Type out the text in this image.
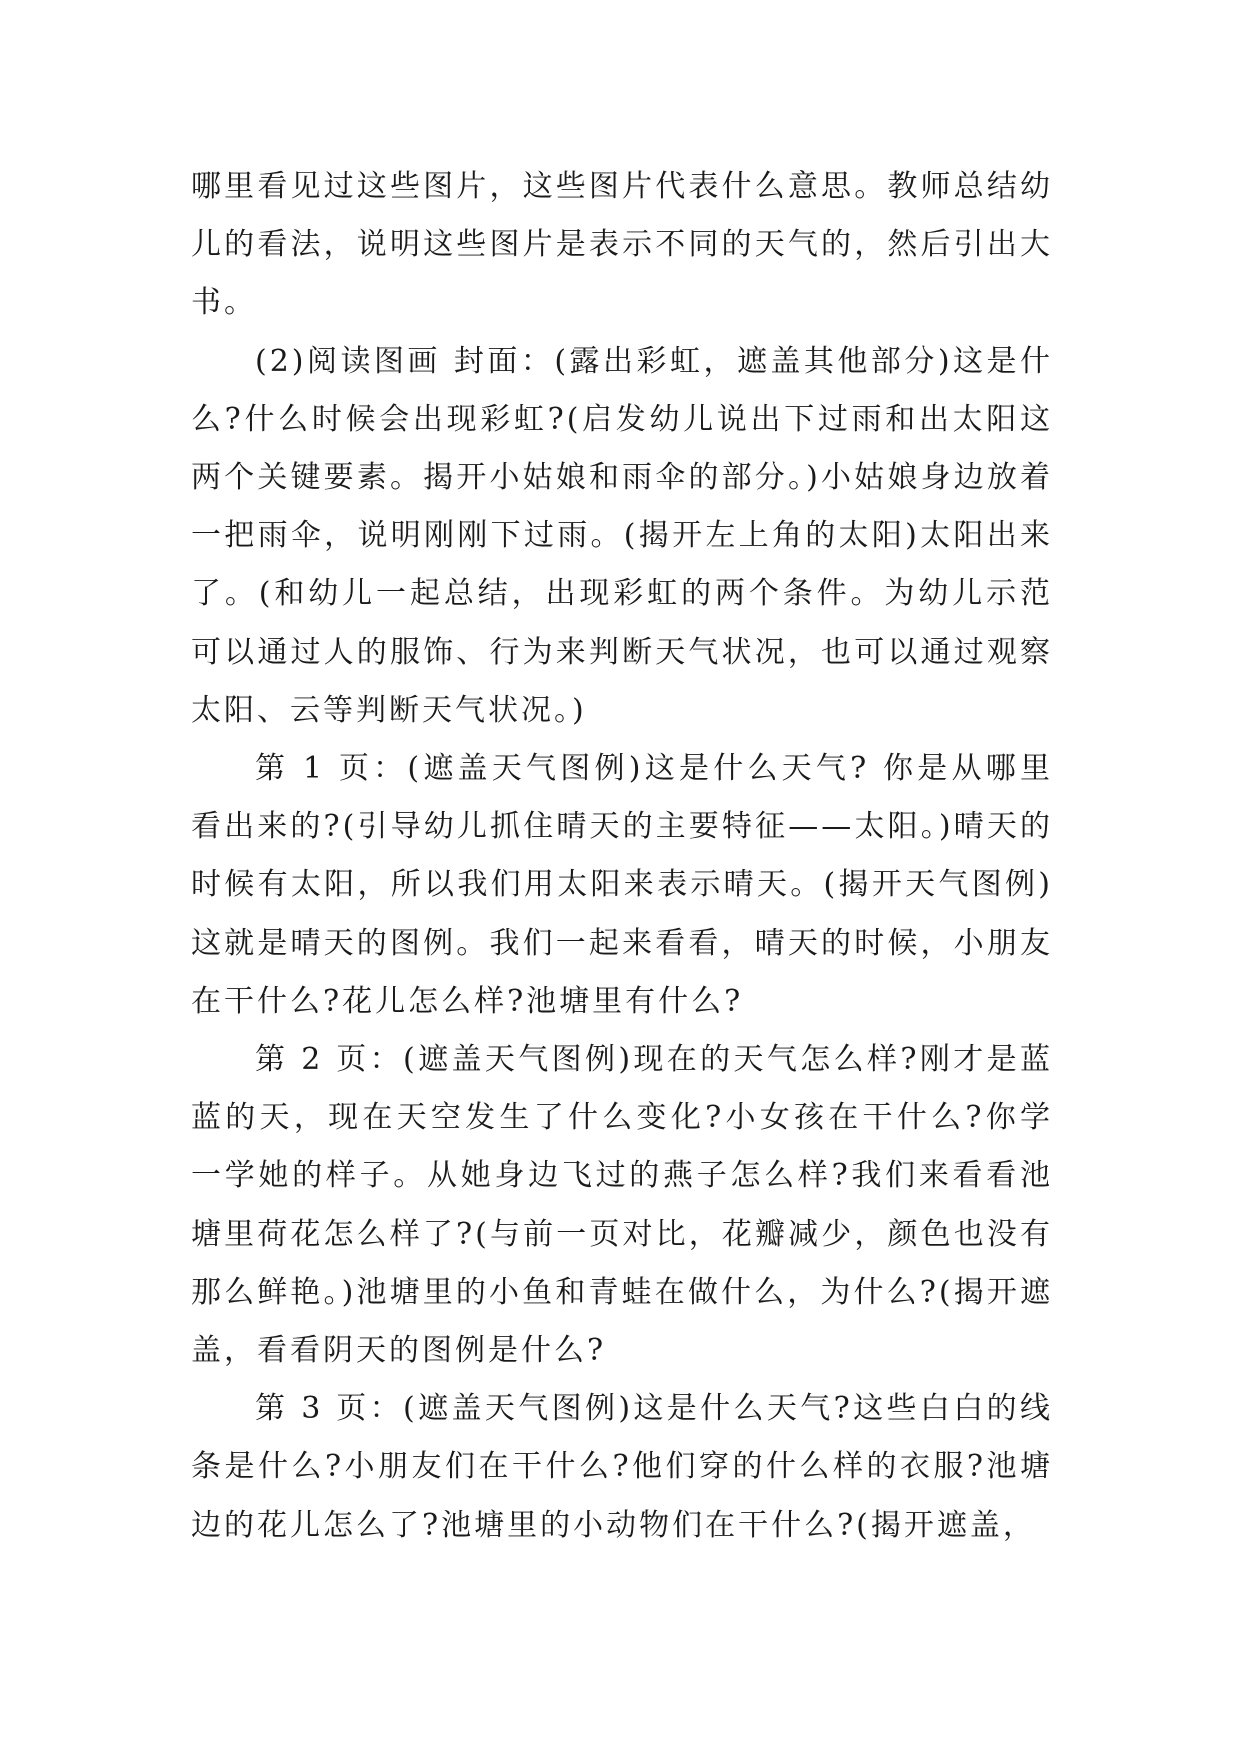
哪里看见过这些图片，这些图片代表什么意思。教师总结幼儿的看法，说明这些图片是表示不同的天气的，然后引出大书。

(2)阅读图画 封面：(露出彩虹，遮盖其他部分)这是什么?什么时候会出现彩虹?(启发幼儿说出下过雨和出太阳这两个关键要素。揭开小姑娘和雨伞的部分。)小姑娘身边放着一把雨伞，说明刚刚下过雨。(揭开左上角的太阳)太阳出来了。(和幼儿一起总结，出现彩虹的两个条件。为幼儿示范可以通过人的服饰、行为来判断天气状况，也可以通过观察太阳、云等判断天气状况。)

第 1 页：(遮盖天气图例)这是什么天气? 你是从哪里看出来的?(引导幼儿抓住晴天的主要特征——太阳。)晴天的时候有太阳，所以我们用太阳来表示晴天。(揭开天气图例)这就是晴天的图例。我们一起来看看，晴天的时候，小朋友在干什么?花儿怎么样?池塘里有什么?

第 2 页：(遮盖天气图例)现在的天气怎么样?刚才是蓝蓝的天，现在天空发生了什么变化?小女孩在干什么?你学一学她的样子。从她身边飞过的燕子怎么样?我们来看看池塘里荷花怎么样了?(与前一页对比，花瓣减少，颜色也没有那么鲜艳。)池塘里的小鱼和青蛙在做什么，为什么?(揭开遮盖，看看阴天的图例是什么?

第 3 页：(遮盖天气图例)这是什么天气?这些白白的线条是什么?小朋友们在干什么?他们穿的什么样的衣服?池塘边的花儿怎么了?池塘里的小动物们在干什么?(揭开遮盖，
